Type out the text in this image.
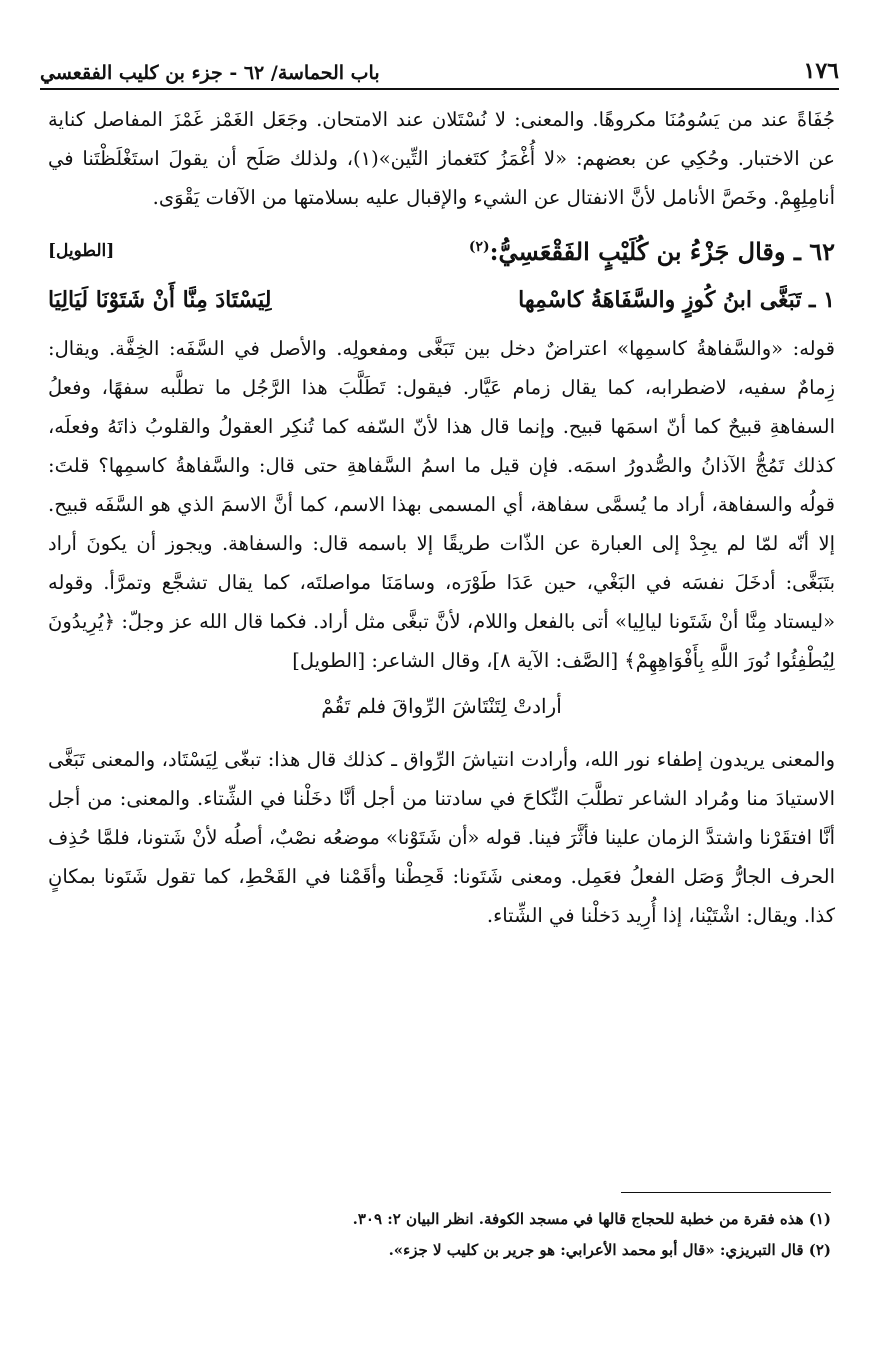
١٧٦
باب الحماسة/ ٦٢ - جزء بن كليب الفقعسي

جُفَاةً عند من يَسُومُنَا مكروهًا. والمعنى: لا نُسْتَلان عند الامتحان. وجَعَل الغَمْز غَمْزَ المفاصل كناية عن الاختبار. وحُكِي عن بعضهم: «لا أُغْمَزُ كتَغماز التِّين»(١)، ولذلك صَلَح أن يقولَ استَغْلَظْتَنا في أنامِلِهِمْ. وخَصَّ الأنامل لأنَّ الانفتال عن الشيء والإقبال عليه بسلامتها من الآفات يَقْوَى.

٦٢ ـ وقال جَزْءُ بن كُلَيْبٍ الفَقْعَسِيُّ:$^{(٢)}$
[الطويل]
١ ـ تَبَغَّى ابنُ كُوزٍ والسَّفَاهَةُ كاسْمِها
لِيَسْتَادَ مِنَّا أَنْ شَتَوْنَا لَيَالِيَا

قوله: «والسَّفاهةُ كاسمِها» اعتراضٌ دخل بين تَبَغَّى ومفعولِه. والأصل في السَّفَه: الخِفَّة. ويقال: زِمامٌ سفيه، لاضطرابه، كما يقال زمام عَيَّار. فيقول: تَطَلَّبَ هذا الرَّجُل ما تطلَّبه سفهًا، وفعلُ السفاهةِ قبيحٌ كما أنّ اسمَها قبيح. وإنما قال هذا لأنّ السّفه كما تُنكِر العقولُ والقلوبُ ذاتَهُ وفعلَه، كذلك تَمُجُّ الآذانُ والصُّدورُ اسمَه. فإن قيل ما اسمُ السَّفاهةِ حتى قال: والسَّفاهةُ كاسمِها؟ قلتَ: قولُه والسفاهة، أراد ما يُسمَّى سفاهة، أي المسمى بهذا الاسم، كما أنَّ الاسمَ الذي هو السَّفَه قبيح. إلا أنّه لمّا لم يجِدْ إلى العبارة عن الذّات طريقًا إلا باسمه قال: والسفاهة. ويجوز أن يكونَ أراد بتَبَغَّى: أدخَلَ نفسَه في البَغْي، حين عَدَا طَوْرَه، وسامَنَا مواصلتَه، كما يقال تشجَّع وتمرَّأ. وقوله «ليستاد مِنَّا أنْ شَتَونا ليالِيا» أتى بالفعل واللام، لأنَّ تبغَّى مثل أراد. فكما قال الله عز وجلّ: ﴿يُرِيدُونَ لِيُطْفِئُوا نُورَ اللَّهِ بِأَفْوَاهِهِمْ﴾ [الصَّف: الآية ٨]، وقال الشاعر: [الطويل]

أرادتْ لِتَنْتَاشَ الرِّواقَ فلم تَقُمْ

والمعنى يريدون إطفاء نور الله، وأرادت انتياشَ الرِّواق ـ كذلك قال هذا: تبغّى لِيَسْتَاد، والمعنى تَبَغَّى الاستيادَ منا ومُراد الشاعر تطلَّبَ النِّكاحَ في سادتنا من أجل أنَّا دخَلْنا في الشِّتاء. والمعنى: من أجل أنَّا افتقَرْنا واشتدَّ الزمان علينا فأثَّرَ فينا. قوله «أن شَتَوْنا» موضعُه نصْبٌ، أصلُه لأنْ شَتونا، فلمَّا حُذِف الحرف الجارُّ وَصَل الفعلُ فعَمِل. ومعنى شَتَونا: قَحِطْنا وأقَمْنا في القَحْطِ، كما تقول شَتَونا بمكانٍ كذا. ويقال: اشْتَيْنا، إذا أُرِيد دَخلْنا في الشِّتاء.

(١) هذه فقرة من خطبة للحجاج قالها في مسجد الكوفة. انظر البيان ٢: ٣٠٩.

(٢) قال التبريزي: «قال أبو محمد الأعرابي: هو جرير بن كليب لا جزء».
